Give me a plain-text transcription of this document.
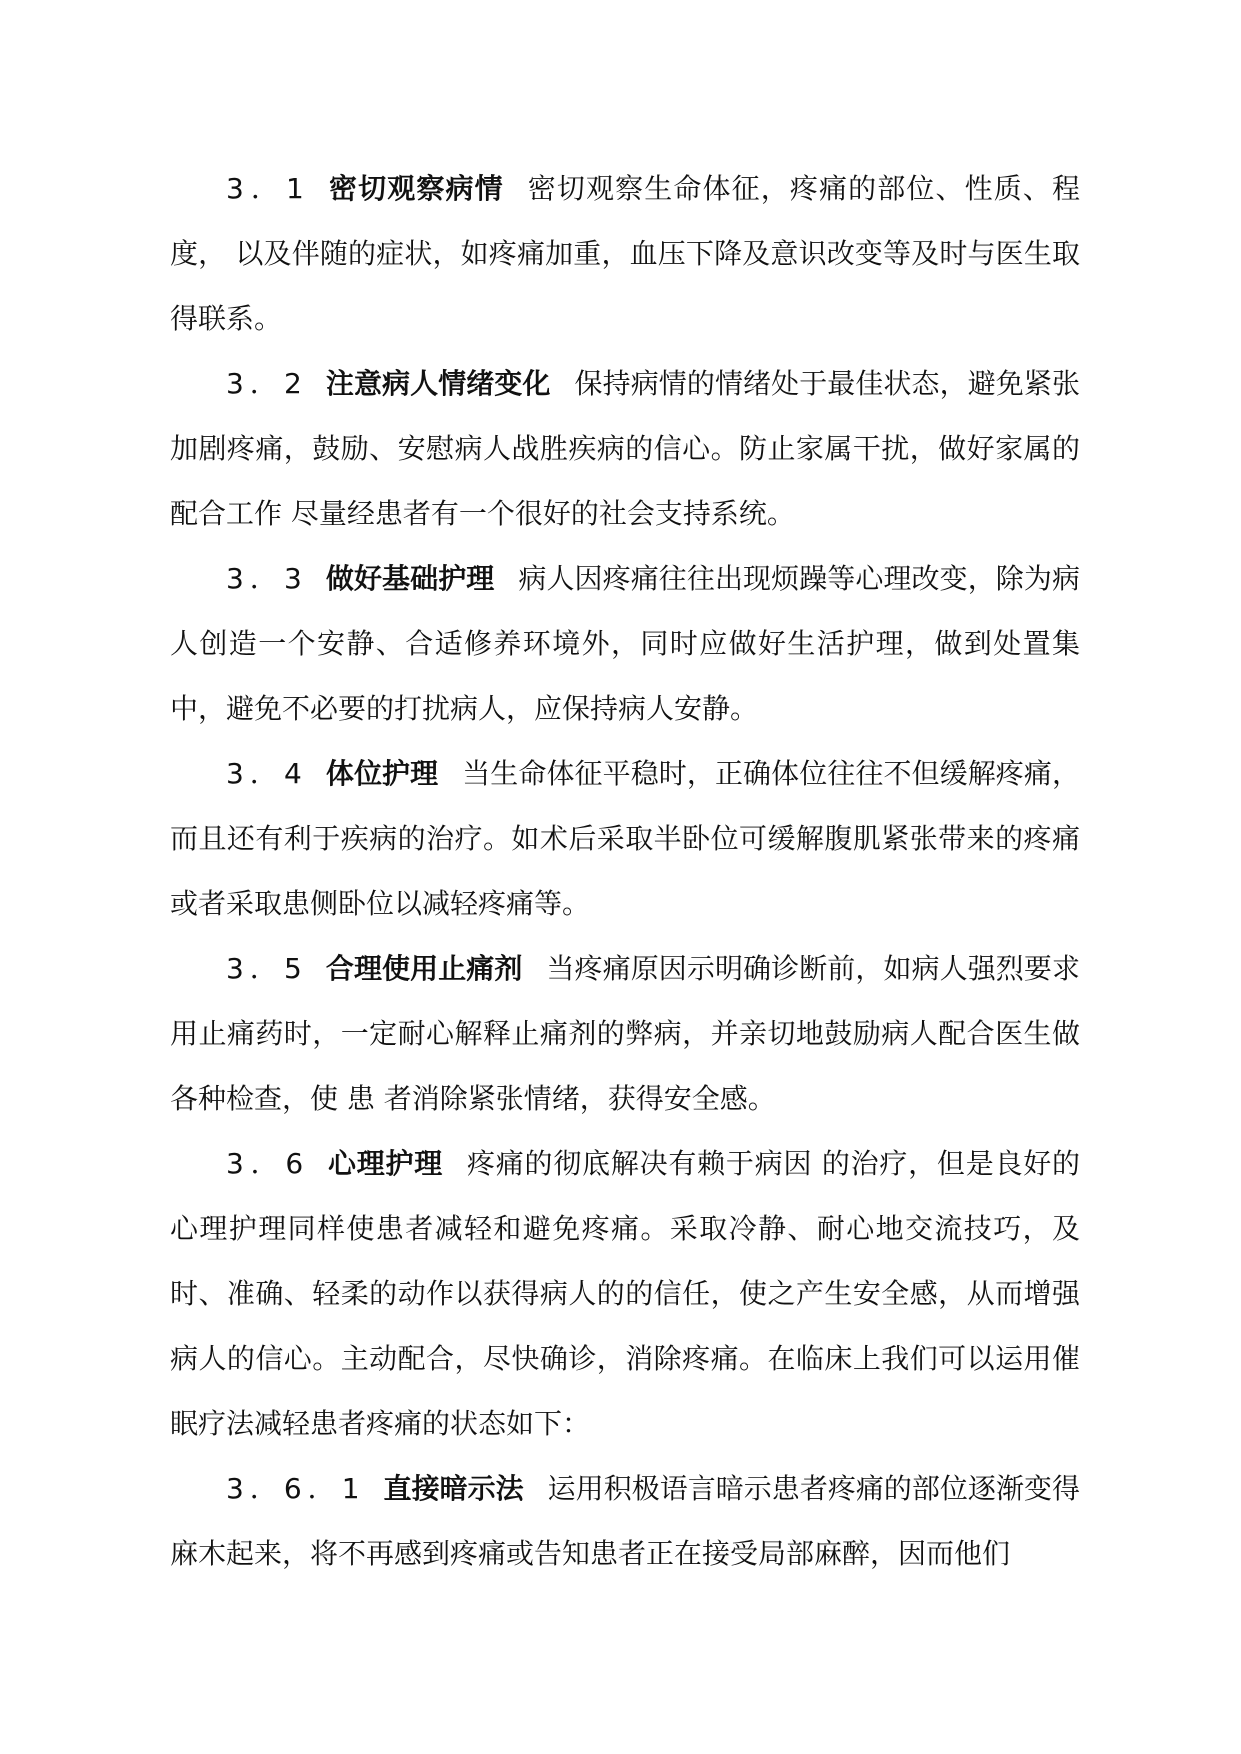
3．1 密切观察病情 密切观察生命体征，疼痛的部位、性质、程度， 以及伴随的症状，如疼痛加重，血压下降及意识改变等及时与医生取得联系。

3．2 注意病人情绪变化 保持病情的情绪处于最佳状态，避免紧张加剧疼痛，鼓励、安慰病人战胜疾病的信心。防止家属干扰，做好家属的配合工作 尽量经患者有一个很好的社会支持系统。

3．3 做好基础护理 病人因疼痛往往出现烦躁等心理改变，除为病人创造一个安静、合适修养环境外，同时应做好生活护理，做到处置集中，避免不必要的打扰病人，应保持病人安静。

3．4 体位护理 当生命体征平稳时，正确体位往往不但缓解疼痛，而且还有利于疾病的治疗。如术后采取半卧位可缓解腹肌紧张带来的疼痛或者采取患侧卧位以减轻疼痛等。

3．5 合理使用止痛剂 当疼痛原因示明确诊断前，如病人强烈要求用止痛药时，一定耐心解释止痛剂的弊病，并亲切地鼓励病人配合医生做各种检查，使 患 者消除紧张情绪，获得安全感。

3．6 心理护理 疼痛的彻底解决有赖于病因 的治疗，但是良好的心理护理同样使患者减轻和避免疼痛。采取冷静、耐心地交流技巧，及时、准确、轻柔的动作以获得病人的的信任，使之产生安全感，从而增强病人的信心。主动配合，尽快确诊，消除疼痛。在临床上我们可以运用催眠疗法减轻患者疼痛的状态如下：

3．6．1 直接暗示法 运用积极语言暗示患者疼痛的部位逐渐变得麻木起来，将不再感到疼痛或告知患者正在接受局部麻醉，因而他们
